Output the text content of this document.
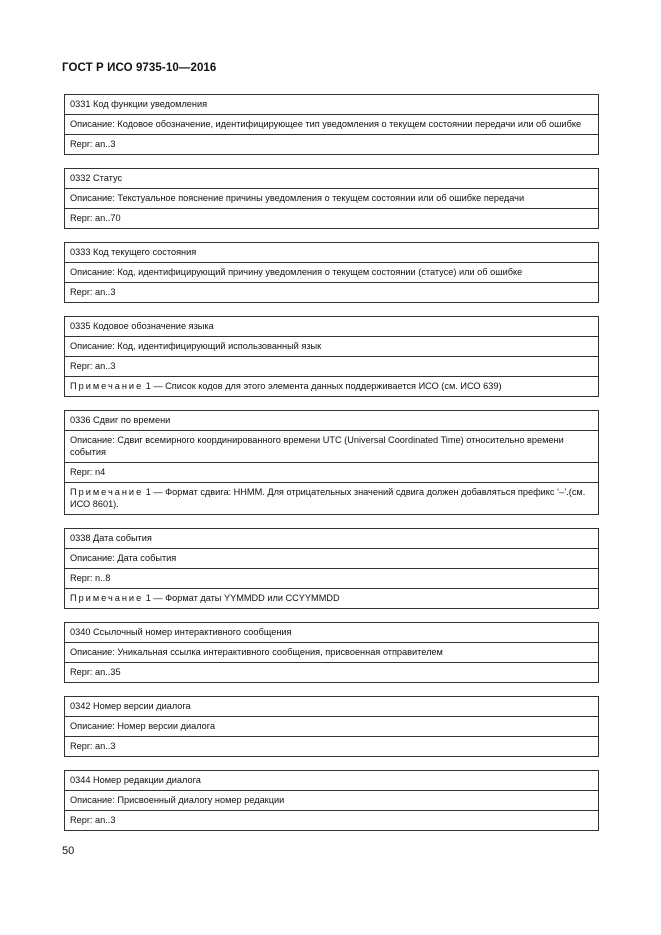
ГОСТ Р ИСО 9735-10—2016
0331 Код функции уведомления
Описание: Кодовое обозначение, идентифицирующее тип уведомления о текущем состоянии передачи или об ошибке
Repr: an..3
0332 Статус
Описание: Текстуальное пояснение причины уведомления о текущем состоянии или об ошибке передачи
Repr: an..70
0333 Код текущего состояния
Описание: Код, идентифицирующий причину уведомления о текущем состоянии (статусе) или об ошибке
Repr: an..3
0335 Кодовое обозначение языка
Описание: Код, идентифицирующий использованный язык
Repr: an..3
Примечание 1 — Список кодов для этого элемента данных поддерживается ИСО (см. ИСО 639)
0336 Сдвиг по времени
Описание: Сдвиг всемирного координированного времени UTC (Universal Coordinated Time) относительно времени события
Repr: n4
Примечание 1 — Формат сдвига: HHMM. Для отрицательных значений сдвига должен добавляться префикс ‘–’.(см. ИСО 8601).
0338 Дата события
Описание: Дата события
Repr: n..8
Примечание 1 — Формат даты YYMMDD или CCYYMMDD
0340 Ссылочный номер интерактивного сообщения
Описание: Уникальная ссылка интерактивного сообщения, присвоенная отправителем
Repr: an..35
0342 Номер версии диалога
Описание: Номер версии диалога
Repr: an..3
0344 Номер редакции диалога
Описание: Присвоенный диалогу номер редакции
Repr: an..3
50
